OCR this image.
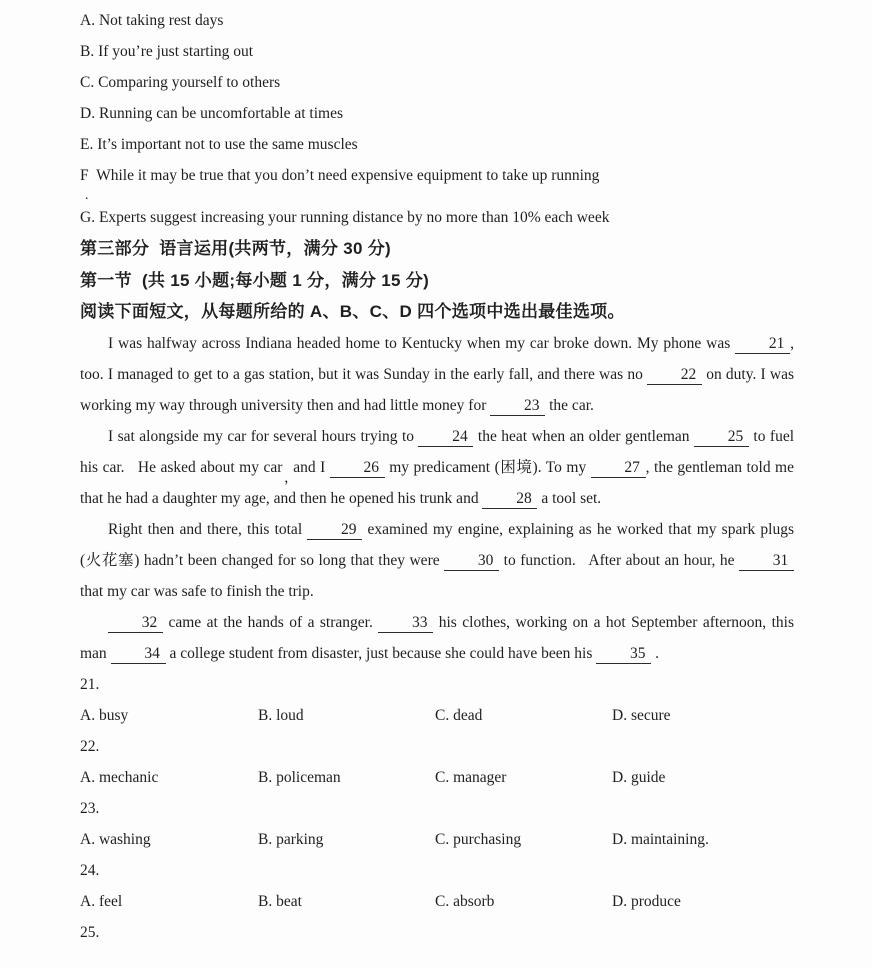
A. Not taking rest days
B. If you’re just starting out
C. Comparing yourself to others
D. Running can be uncomfortable at times
E. It’s important not to use the same muscles
F  While it may be true that you don’t need expensive equipment to take up running
.
G. Experts suggest increasing your running distance by no more than 10% each week
第三部分  语言运用(共两节，满分 30 分)
第一节  (共 15 小题;每小题 1 分，满分 15 分)
阅读下面短文，从每题所给的 A、B、C、D 四个选项中选出最佳选项。

I was halfway across Indiana headed home to Kentucky when my car broke down. My phone was 21 , too. I managed to get to a gas station, but it was Sunday in the early fall, and there was no 22 on duty. I was working my way through university then and had little money for 23 the car.

I sat alongside my car for several hours trying to 24 the heat when an older gentleman 25 to fuel his car.   He asked about my car,and I 26 my predicament (困境). To my 27 , the gentleman told me that he had a daughter my age, and then he opened his trunk and 28 a tool set.

Right then and there, this total 29 examined my engine, explaining as he worked that my spark plugs (火花塞) hadn’t been changed for so long that they were 30 to function.   After about an hour, he 31 that my car was safe to finish the trip.

32 came at the hands of a stranger. 33 his clothes, working on a hot September afternoon, this man 34 a college student from disaster, just because she could have been his 35 .

21.
A. busy	B. loud	C. dead	D. secure
22.
A. mechanic	B. policeman	C. manager	D. guide
23.
A. washing	B. parking	C. purchasing	D. maintaining.
24.
A. feel	B. beat	C. absorb	D. produce
25.
